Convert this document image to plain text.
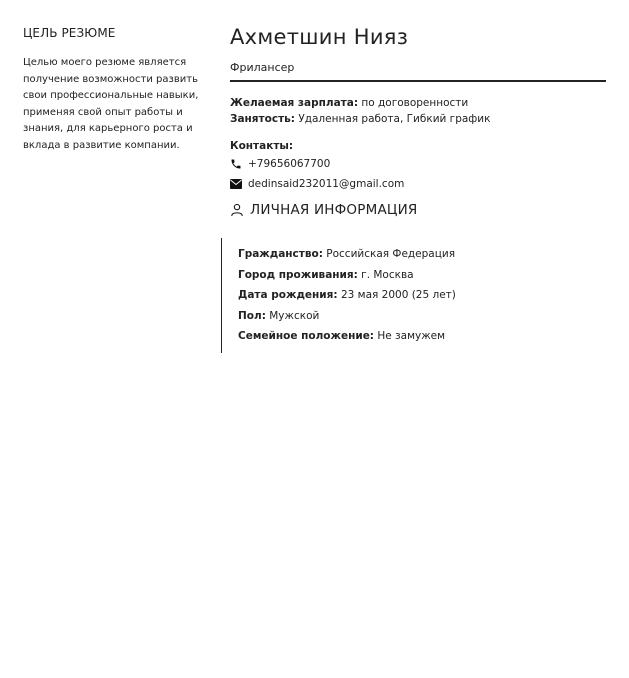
ЦЕЛЬ РЕЗЮМЕ
Целью моего резюме является
получение возможности развить
свои профессиональные навыки,
применяя свой опыт работы и
знания, для карьерного роста и
вклада в развитие компании.
Ахметшин Нияз
Фрилансер
Желаемая зарплата: по договоренности
Занятость: Удаленная работа, Гибкий график
Контакты:
+79656067700
dedinsaid232011@gmail.com
ЛИЧНАЯ ИНФОРМАЦИЯ
Гражданство: Российская Федерация
Город проживания: г. Москва
Дата рождения: 23 мая 2000 (25 лет)
Пол: Мужской
Семейное положение: Не замужем
